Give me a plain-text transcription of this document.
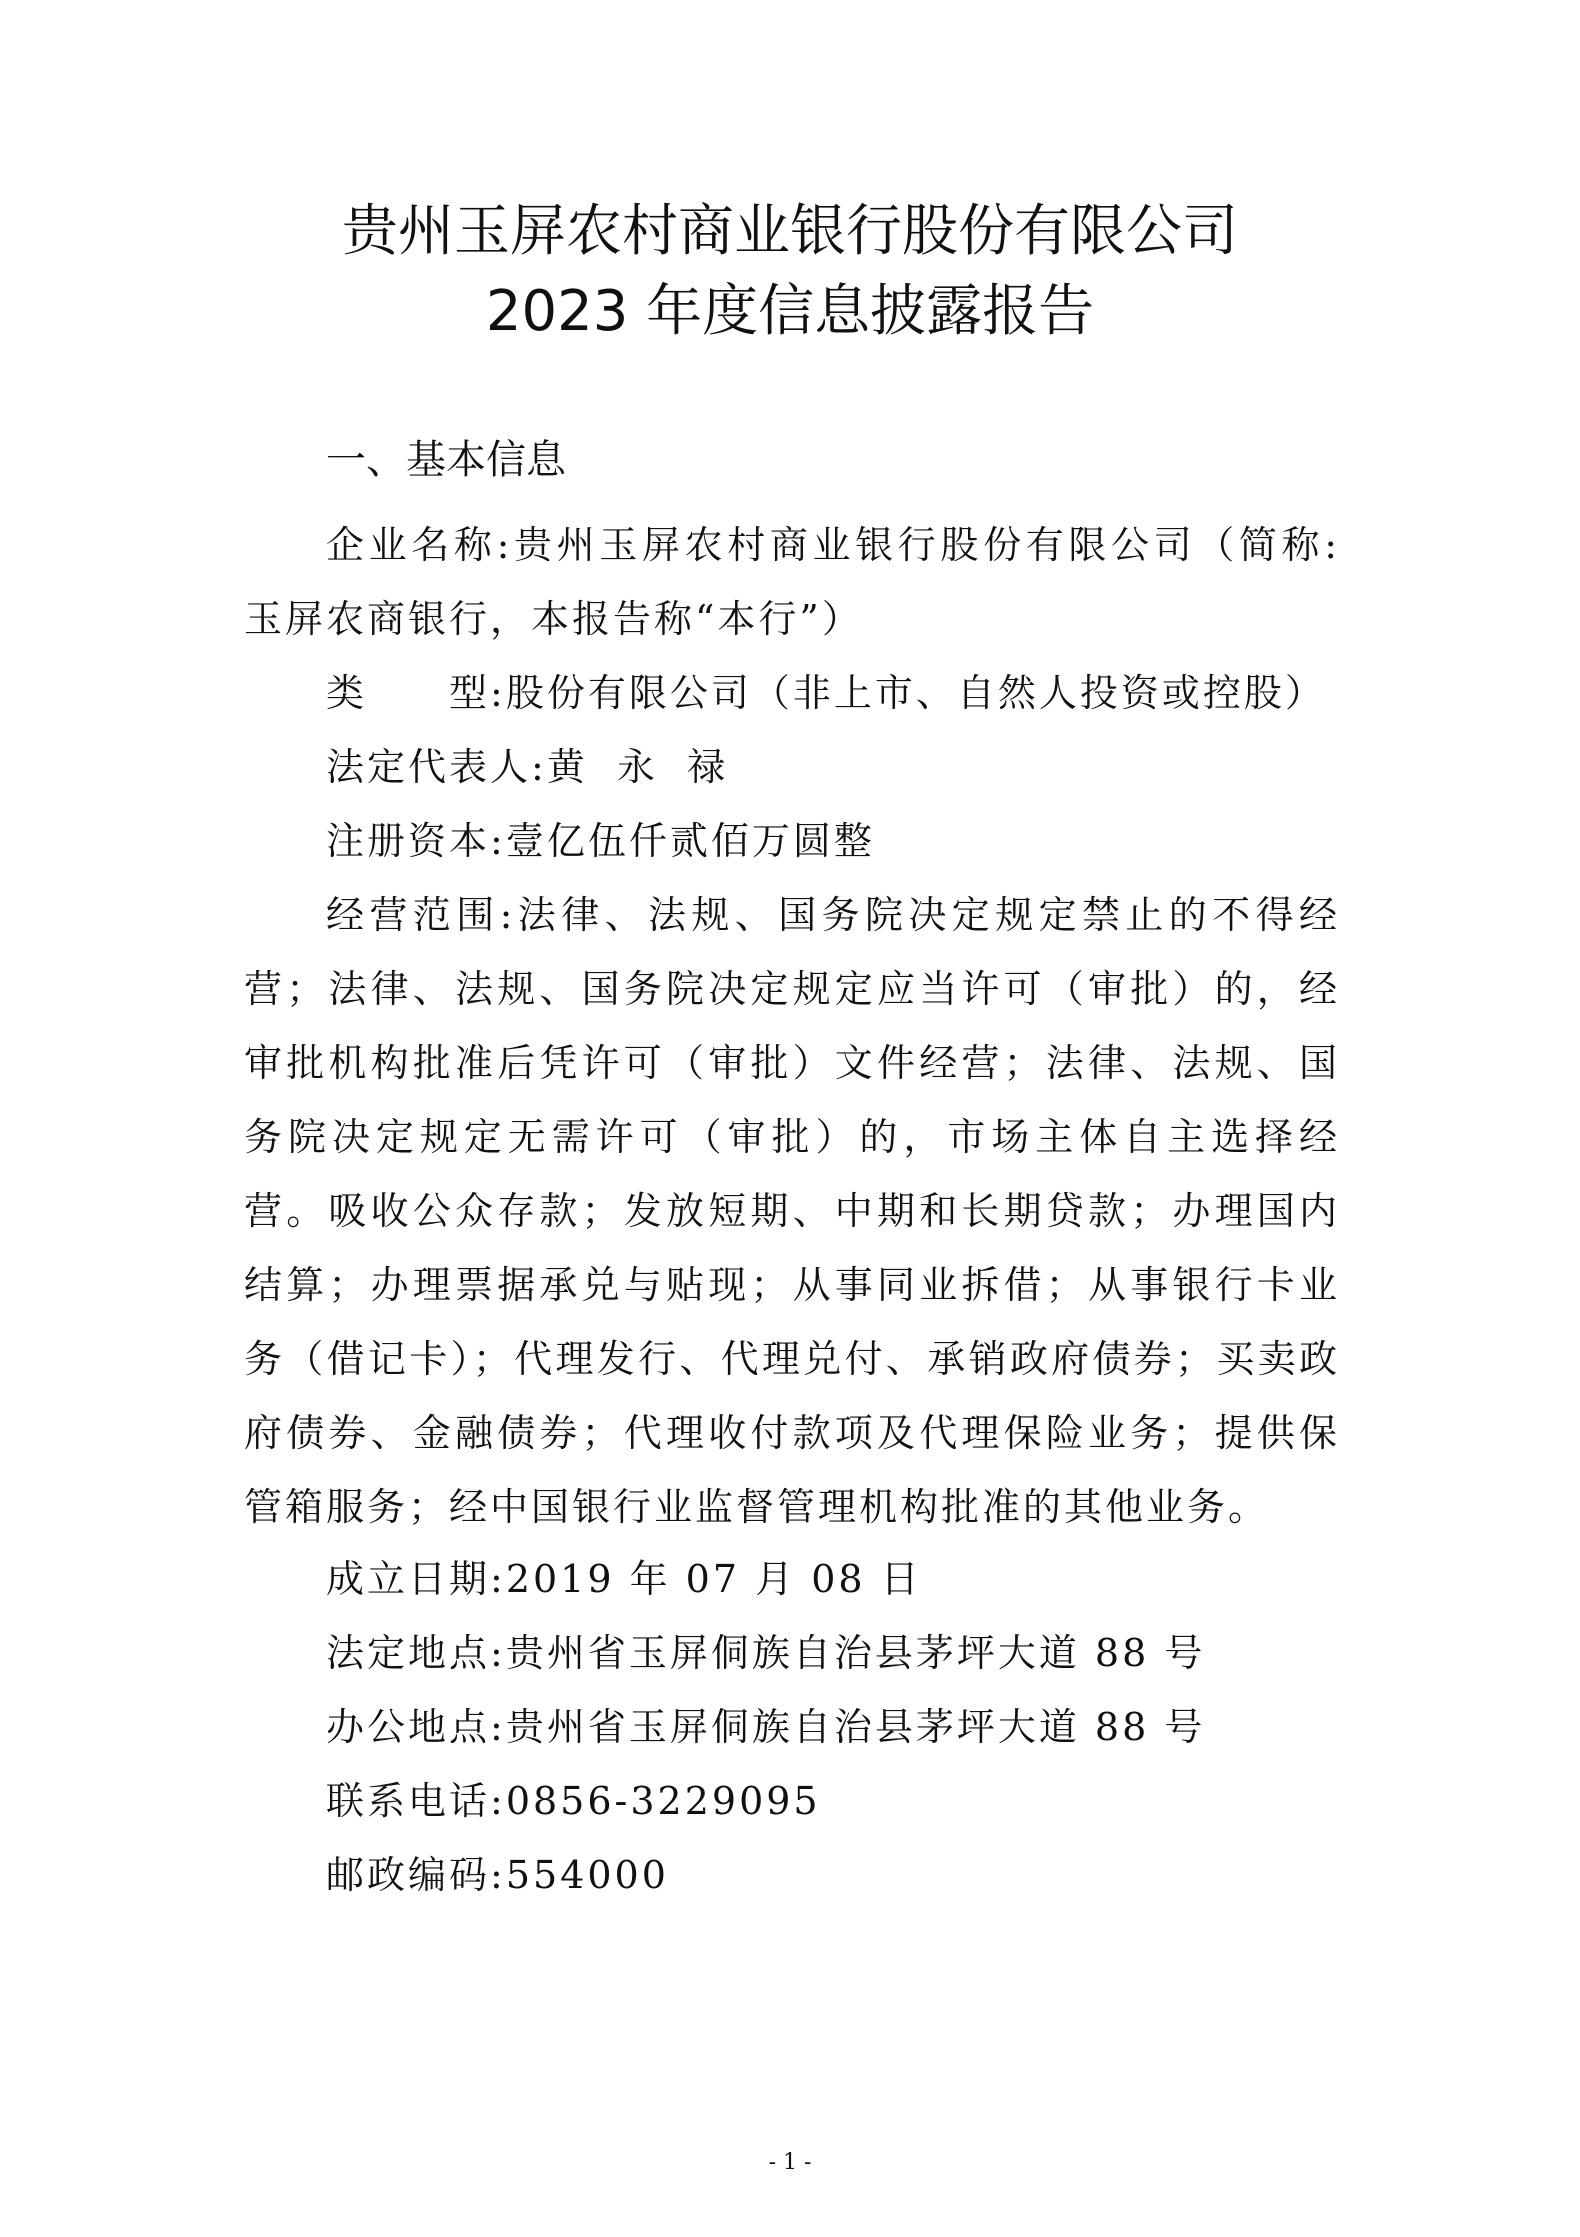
贵州玉屏农村商业银行股份有限公司
2023 年度信息披露报告
一、基本信息

企业名称:贵州玉屏农村商业银行股份有限公司（简称:玉屏农商银行，本报告称“本行”）

类　　型:股份有限公司（非上市、自然人投资或控股）

法定代表人:黄 永 禄

注册资本:壹亿伍仟贰佰万圆整

经营范围:法律、法规、国务院决定规定禁止的不得经营；法律、法规、国务院决定规定应当许可（审批）的，经审批机构批准后凭许可（审批）文件经营；法律、法规、国务院决定规定无需许可（审批）的，市场主体自主选择经营。吸收公众存款；发放短期、中期和长期贷款；办理国内结算；办理票据承兑与贴现；从事同业拆借；从事银行卡业务（借记卡）；代理发行、代理兑付、承销政府债券；买卖政府债券、金融债券；代理收付款项及代理保险业务；提供保管箱服务；经中国银行业监督管理机构批准的其他业务。

成立日期:2019 年 07 月 08 日

法定地点:贵州省玉屏侗族自治县茅坪大道 88 号

办公地点:贵州省玉屏侗族自治县茅坪大道 88 号

联系电话:0856-3229095

邮政编码:554000

- 1 -
